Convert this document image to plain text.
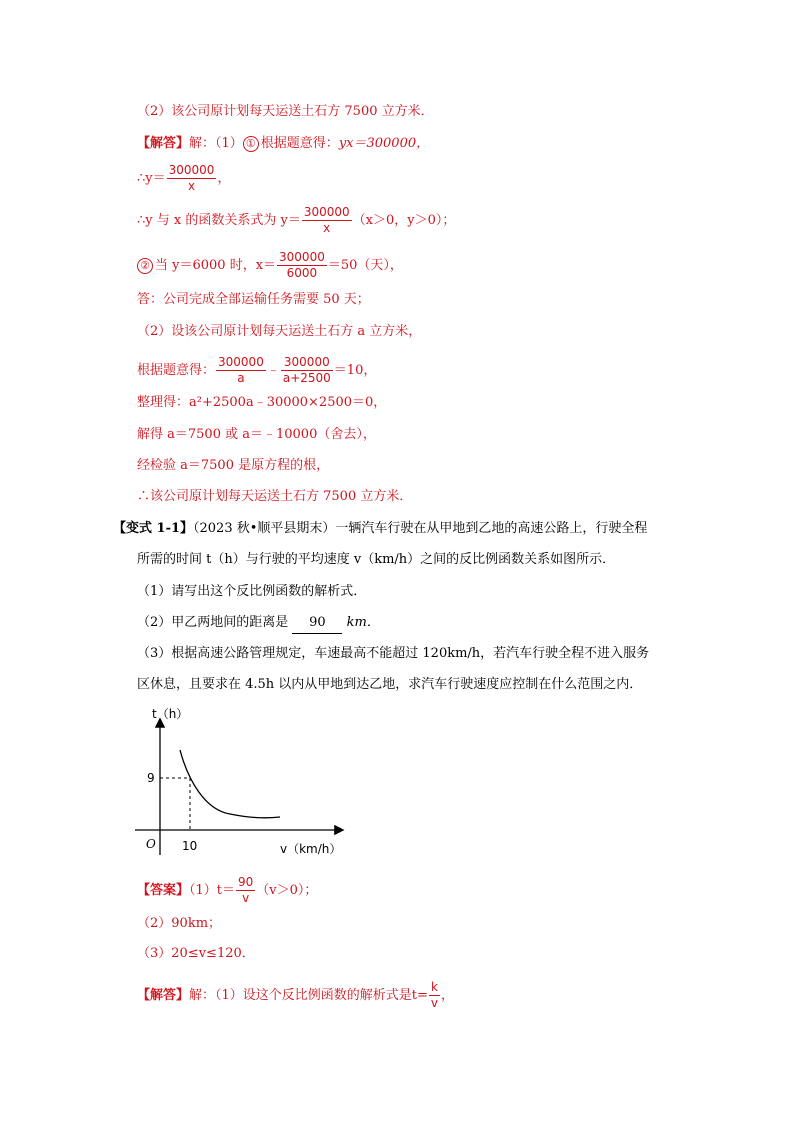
（2）该公司原计划每天运送土石方 7500 立方米．
【解答】解：（1） ① 根据题意得：yx＝300000，
∴y＝ $\frac{300000}{x}$ ，
∴y 与 x 的函数关系式为 $y= \frac{300000}{x} (x>0$，y＞0）；
② 当 y＝6000 时，$x= \frac{300000}{6000} =50$（天），
答：公司完成全部运输任务需要 50 天；
（2）设该公司原计划每天运送土石方 a 立方米，
根据题意得： $\frac{300000}{a}$ ﹣ $\frac{300000}{a+2500} =10$，
整理得：a²+2500a﹣30000×2500＝0，
解得 a＝7500 或 a＝﹣10000（舍去），
经检验 a＝7500 是原方程的根，
∴该公司原计划每天运送土石方 7500 立方米．
【变式 1-1】（2023 秋•顺平县期末）一辆汽车行驶在从甲地到乙地的高速公路上，行驶全程
所需的时间 t（h）与行驶的平均速度 v（km/h）之间的反比例函数关系如图所示．
（1）请写出这个反比例函数的解析式．
（2）甲乙两地间的距离是 90 km．
（3）根据高速公路管理规定，车速最高不能超过 120km/h，若汽车行驶全程不进入服务
区休息，且要求在 4.5h 以内从甲地到达乙地，求汽车行驶速度应控制在什么范围之内．
t（h）
9
O 10	v（km/h）
【答案】$(1)t= \frac{90}{v} (v>0)$；
（2）90km；
（3）20≤v≤120．
【解答】解：（1）设这个反比例函数的解析式是$t= \frac{k}{v}$ ，
